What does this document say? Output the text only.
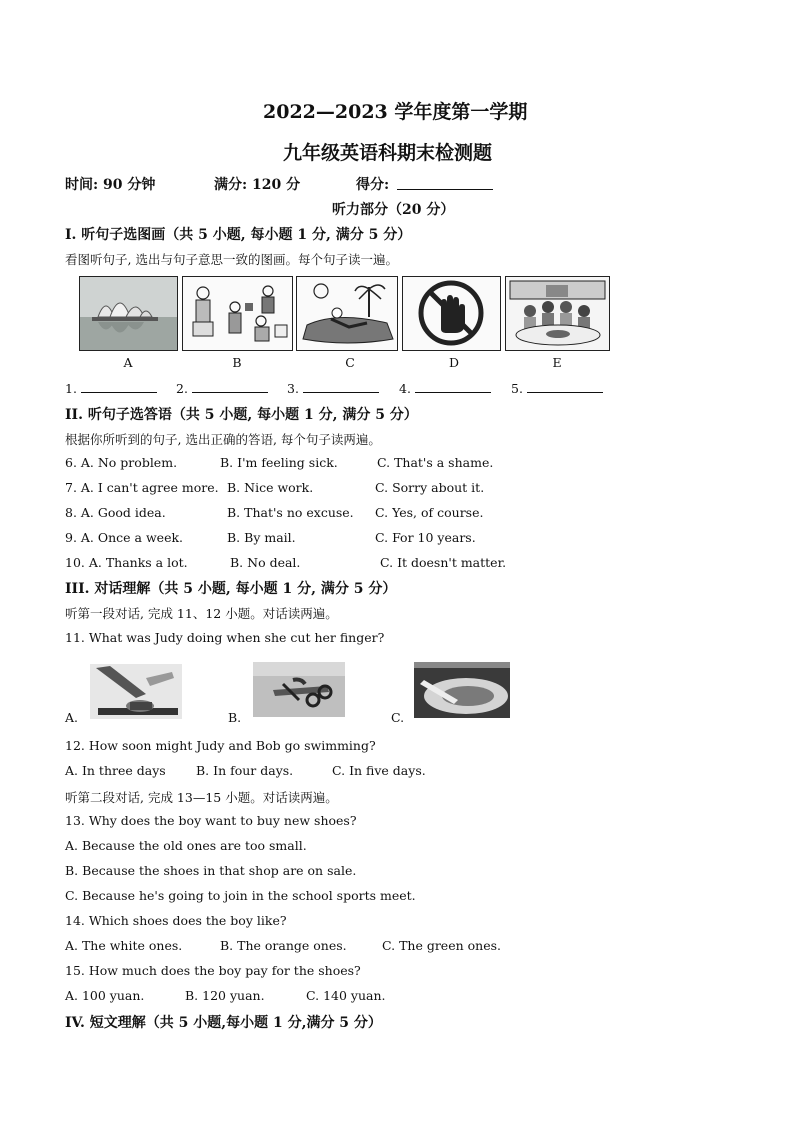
2022—2023 学年度第一学期
九年级英语科期末检测题
时间: 90 分钟	满分: 120 分	得分:
听力部分（20 分）
I. 听句子选图画（共 5 小题, 每小题 1 分, 满分 5 分）
看图听句子, 选出与句子意思一致的图画。每个句子读一遍。
A	B	C	D	E
1.	2.	3.	4.	5.
II. 听句子选答语（共 5 小题, 每小题 1 分, 满分 5 分）
根据你所听到的句子, 选出正确的答语, 每个句子读两遍。
6. A. No problem.	B. I'm feeling sick.	C. That's a shame.
7. A. I can't agree more. B. Nice work.	C. Sorry about it.
8. A. Good idea.	B. That's no excuse. C. Yes, of course.
9. A. Once a week.	B. By mail.	C. For 10 years.
10. A. Thanks a lot.	B. No deal.	C. It doesn't matter.
III. 对话理解（共 5 小题, 每小题 1 分, 满分 5 分）
听第一段对话, 完成 11、12 小题。对话读两遍。
11. What was Judy doing when she cut her finger?
A.	B.	C.
12. How soon might Judy and Bob go swimming?
A. In three days B. In four days.	C. In five days.
听第二段对话, 完成 13—15 小题。对话读两遍。
13. Why does the boy want to buy new shoes?
A. Because the old ones are too small.
B. Because the shoes in that shop are on sale.
C. Because he's going to join in the school sports meet.
14. Which shoes does the boy like?
A. The white ones.	B. The orange ones.	C. The green ones.
15. How much does the boy pay for the shoes?
A. 100 yuan.	B. 120 yuan.	C. 140 yuan.
IV. 短文理解（共 5 小题,每小题 1 分,满分 5 分）
